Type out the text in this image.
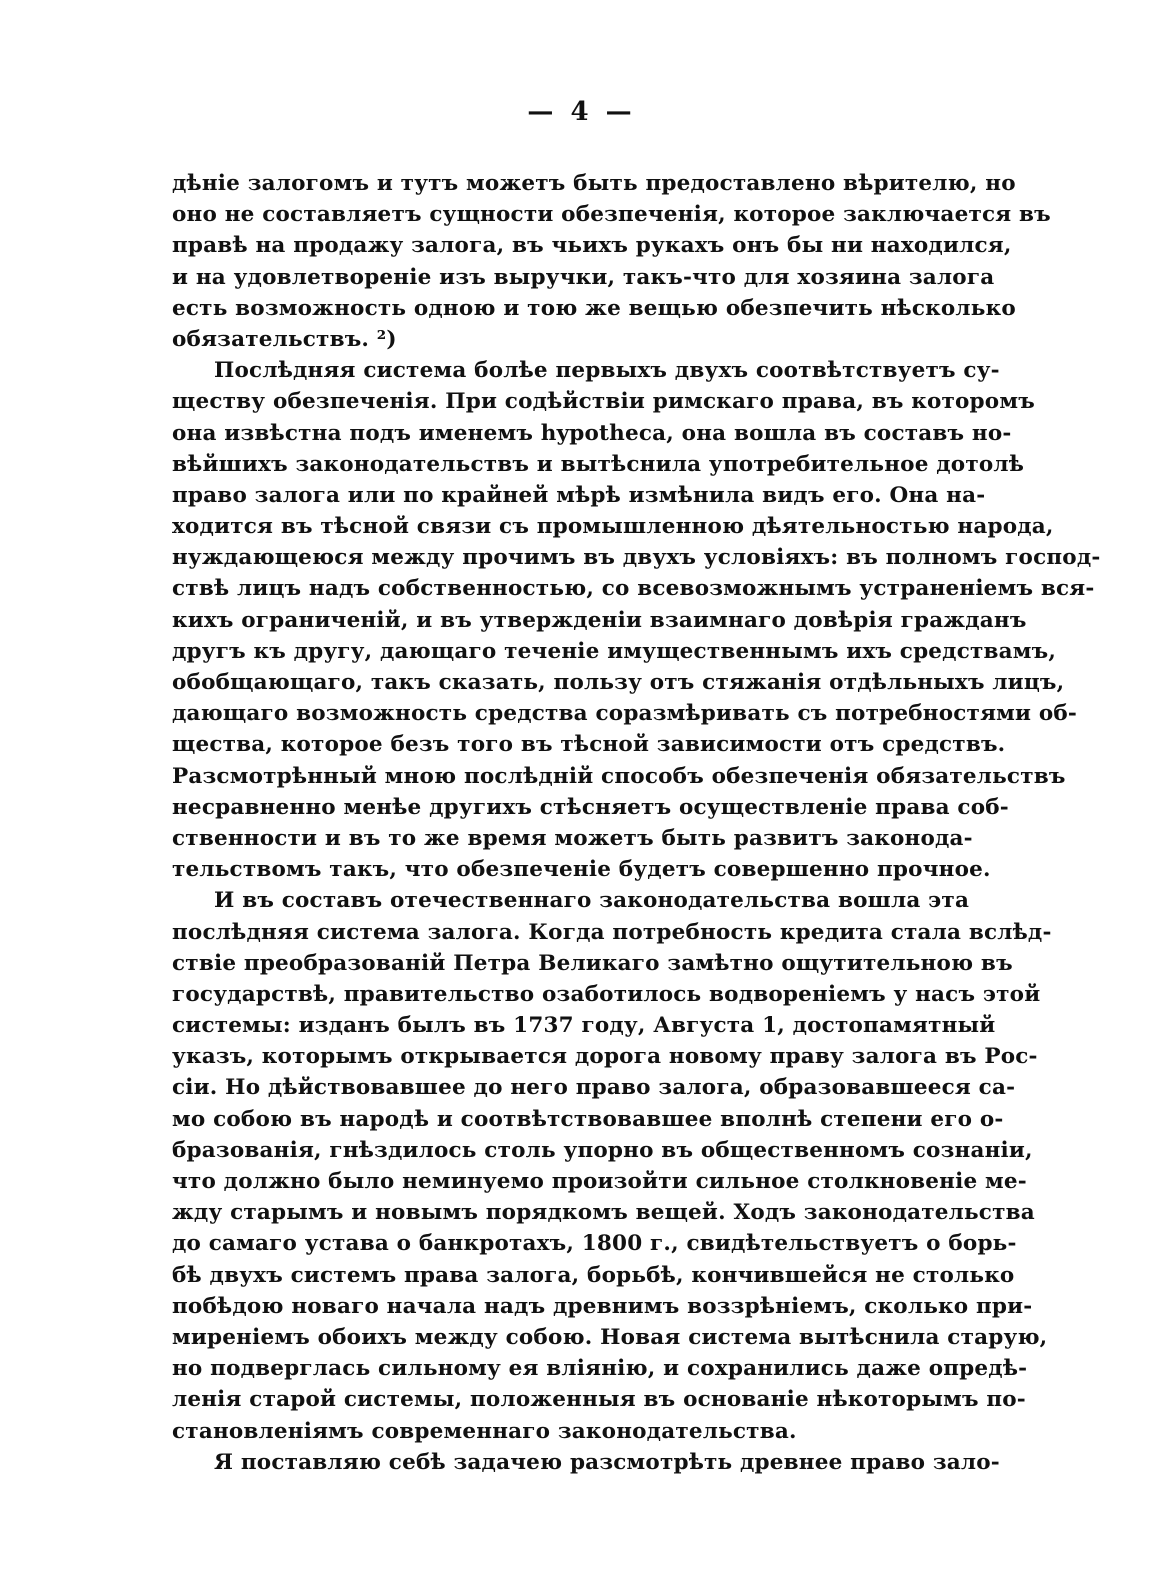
— 4 —
дѣніе залогомъ и тутъ можетъ быть предоставлено вѣрителю, но
оно не составляетъ сущности обезпеченія, которое заключается въ
правѣ на продажу залога, въ чьихъ рукахъ онъ бы ни находился,
и на удовлетвореніе изъ выручки, такъ-что для хозяина залога
есть возможность одною и тою же вещью обезпечить нѣсколько
обязательствъ. ²)
Послѣдняя система болѣе первыхъ двухъ соотвѣтствуетъ су-
ществу обезпеченія. При содѣйствіи римскаго права, въ которомъ
она извѣстна подъ именемъ hypotheca, она вошла въ составъ но-
вѣйшихъ законодательствъ и вытѣснила употребительное дотолѣ
право залога или по крайней мѣрѣ измѣнила видъ его. Она на-
ходится въ тѣсной связи съ промышленною дѣятельностью народа,
нуждающеюся между прочимъ въ двухъ условіяхъ: въ полномъ господ-
ствѣ лицъ надъ собственностью, со всевозможнымъ устраненіемъ вся-
кихъ ограниченій, и въ утвержденіи взаимнаго довѣрія гражданъ
другъ къ другу, дающаго теченіе имущественнымъ ихъ средствамъ,
обобщающаго, такъ сказать, пользу отъ стяжанія отдѣльныхъ лицъ,
дающаго возможность средства соразмѣривать съ потребностями об-
щества, которое безъ того въ тѣсной зависимости отъ средствъ.
Разсмотрѣнный мною послѣдній способъ обезпеченія обязательствъ
несравненно менѣе другихъ стѣсняетъ осуществленіе права соб-
ственности и въ то же время можетъ быть развитъ законода-
тельствомъ такъ, что обезпеченіе будетъ совершенно прочное.
И въ составъ отечественнаго законодательства вошла эта
послѣдняя система залога. Когда потребность кредита стала вслѣд-
ствіе преобразованій Петра Великаго замѣтно ощутительною въ
государствѣ, правительство озаботилось водвореніемъ у насъ этой
системы: изданъ былъ въ 1737 году, Августа 1, достопамятный
указъ, которымъ открывается дорога новому праву залога въ Рос-
сіи. Но дѣйствовавшее до него право залога, образовавшееся са-
мо собою въ народѣ и соотвѣтствовавшее вполнѣ степени его о-
бразованія, гнѣздилось столь упорно въ общественномъ сознаніи,
что должно было неминуемо произойти сильное столкновеніе ме-
жду старымъ и новымъ порядкомъ вещей. Ходъ законодательства
до самаго устава о банкротахъ, 1800 г., свидѣтельствуетъ о борь-
бѣ двухъ системъ права залога, борьбѣ, кончившейся не столько
побѣдою новаго начала надъ древнимъ воззрѣніемъ, сколько при-
миреніемъ обоихъ между собою. Новая система вытѣснила старую,
но подверглась сильному ея вліянію, и сохранились даже опредѣ-
ленія старой системы, положенныя въ основаніе нѣкоторымъ по-
становленіямъ современнаго законодательства.
Я поставляю себѣ задачею разсмотрѣть древнее право зало-
